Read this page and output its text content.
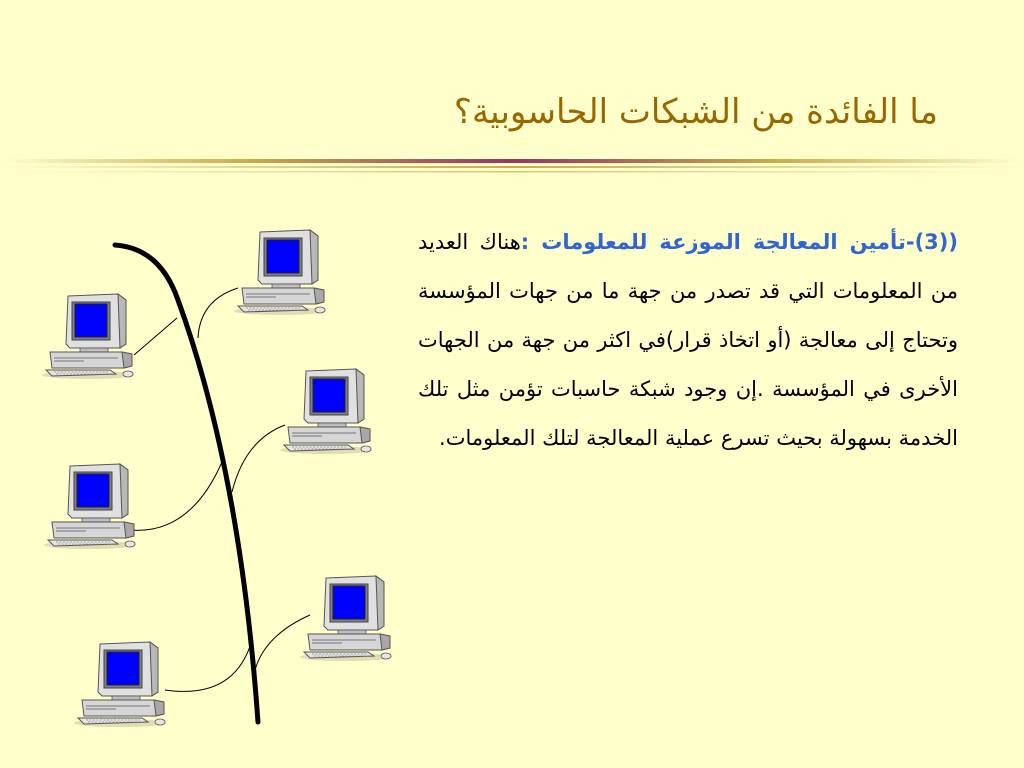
ما الفائدة من الشبكات الحاسوبية؟
((3)-تأمين المعالجة الموزعة للمعلومات :هناك العديد من المعلومات التي قد تصدر من جهة ما من جهات المؤسسة وتحتاج إلى معالجة (أو اتخاذ قرار)في اكثر من جهة من الجهات الأخرى في المؤسسة .إن وجود شبكة حاسبات تؤمن مثل تلك الخدمة بسهولة بحيث تسرع عملية المعالجة لتلك المعلومات.
